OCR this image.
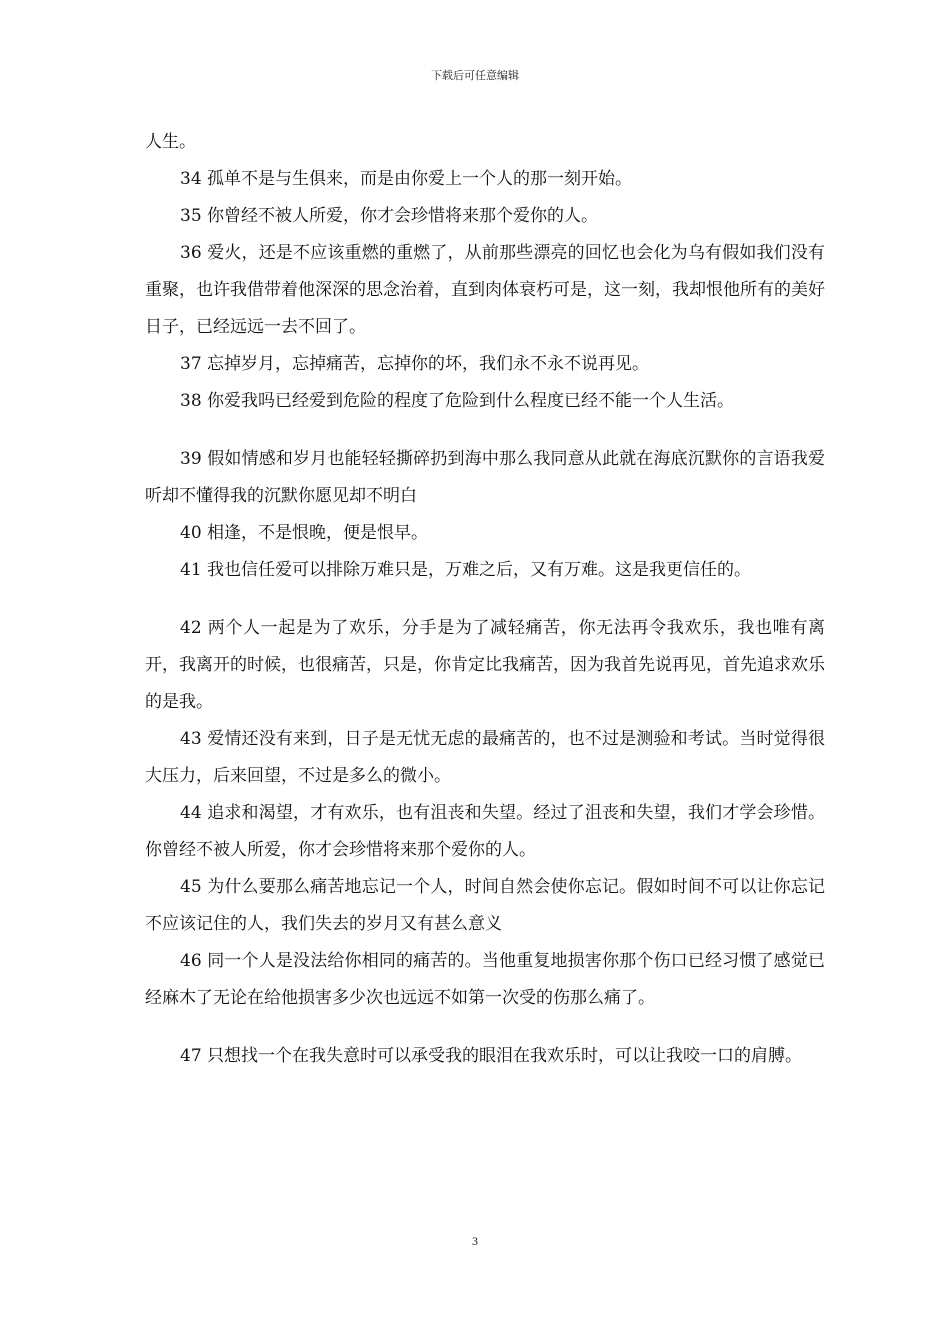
下载后可任意编辑

人生。

34 孤单不是与生俱来，而是由你爱上一个人的那一刻开始。

35 你曾经不被人所爱，你才会珍惜将来那个爱你的人。

36 爱火，还是不应该重燃的重燃了，从前那些漂亮的回忆也会化为乌有假如我们没有重聚，也许我借带着他深深的思念治着，直到肉体衰朽可是，这一刻，我却恨他所有的美好日子，已经远远一去不回了。

37 忘掉岁月，忘掉痛苦，忘掉你的坏，我们永不永不说再见。

38 你爱我吗已经爱到危险的程度了危险到什么程度已经不能一个人生活。

39 假如情感和岁月也能轻轻撕碎扔到海中那么我同意从此就在海底沉默你的言语我爱听却不懂得我的沉默你愿见却不明白

40 相逢，不是恨晚，便是恨早。

41 我也信任爱可以排除万难只是，万难之后，又有万难。这是我更信任的。

42 两个人一起是为了欢乐，分手是为了减轻痛苦，你无法再令我欢乐，我也唯有离开，我离开的时候，也很痛苦，只是，你肯定比我痛苦，因为我首先说再见，首先追求欢乐的是我。

43 爱情还没有来到，日子是无忧无虑的最痛苦的，也不过是测验和考试。当时觉得很大压力，后来回望，不过是多么的微小。

44 追求和渴望，才有欢乐，也有沮丧和失望。经过了沮丧和失望，我们才学会珍惜。你曾经不被人所爱，你才会珍惜将来那个爱你的人。

45 为什么要那么痛苦地忘记一个人，时间自然会使你忘记。假如时间不可以让你忘记不应该记住的人，我们失去的岁月又有甚么意义

46 同一个人是没法给你相同的痛苦的。当他重复地损害你那个伤口已经习惯了感觉已经麻木了无论在给他损害多少次也远远不如第一次受的伤那么痛了。

47 只想找一个在我失意时可以承受我的眼泪在我欢乐时，可以让我咬一口的肩膊。

3
